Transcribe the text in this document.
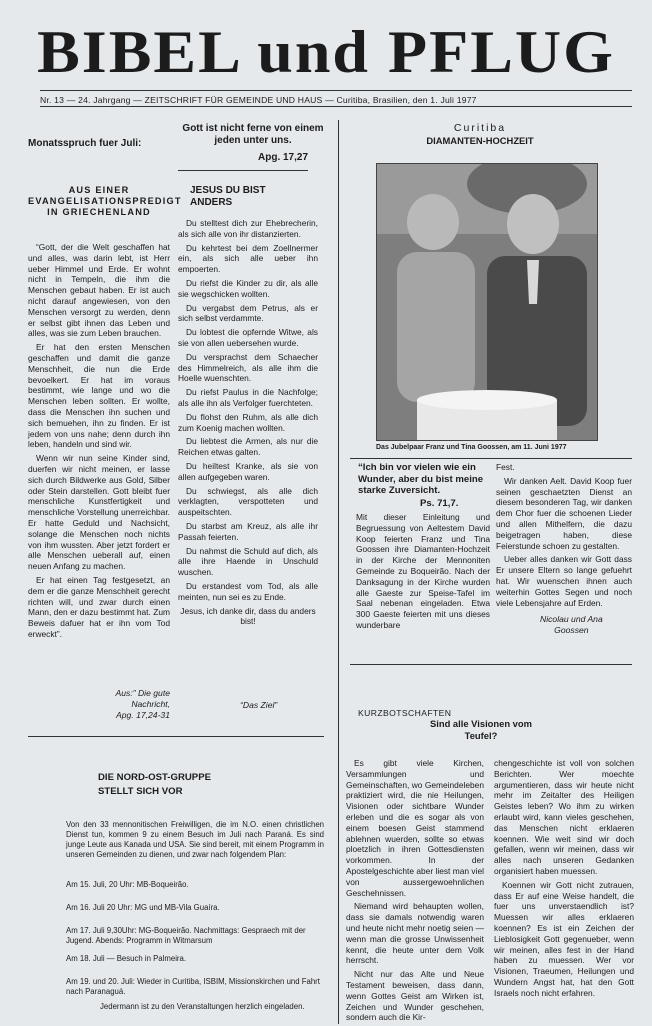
BIBEL und PFLUG
Nr. 13 — 24. Jahrgang — ZEITSCHRIFT FÜR GEMEINDE UND HAUS — Curitiba, Brasilien, den 1. Juli 1977
Monatsspruch fuer Juli:
Gott ist nicht ferne von einem jeden unter uns.
Apg. 17,27
AUS EINER EVANGELISATIONSPREDIGT IN GRIECHENLAND

“Gott, der die Welt geschaffen hat und alles, was darin lebt, ist Herr ueber Himmel und Erde. Er wohnt nicht in Tempeln, die ihm die Menschen gebaut haben. Er ist auch nicht darauf angewiesen, von den Menschen versorgt zu werden, denn er selbst gibt ihnen das Leben und alles, was sie zum Leben brauchen.

Er hat den ersten Menschen geschaffen und damit die ganze Menschheit, die nun die Erde bevoelkert. Er hat im voraus bestimmt, wie lange und wo die Menschen leben sollten. Er wollte, dass die Menschen ihn suchen und sich bemuehen, ihn zu finden. Er ist jedem von uns nahe; denn durch ihn leben, handeln und sind wir.

Wenn wir nun seine Kinder sind, duerfen wir nicht meinen, er lasse sich durch Bildwerke aus Gold, Silber oder Stein darstellen. Gott bleibt fuer menschliche Kunstfertigkeit und menschliche Vorstellung unerreichbar. Er hatte Geduld und Nachsicht, solange die Menschen noch nichts von ihm wussten. Aber jetzt fordert er alle Menschen ueberall auf, einen neuen Anfang zu machen.

Er hat einen Tag festgesetzt, an dem er die ganze Menschheit gerecht richten will, und zwar durch einen Mann, den er dazu bestimmt hat. Zum Beweis dafuer hat er ihn vom Tod erweckt”.

Aus:” Die gute Nachricht,
Apg. 17,24-31
JESUS DU BIST ANDERS

Du stelltest dich zur Ehebrecherin, als sich alle von ihr distanzierten.

Du kehrtest bei dem Zoellnermer ein, als sich alle ueber ihn empoerten.

Du riefst die Kinder zu dir, als alle sie wegschicken wollten.

Du vergabst dem Petrus, als er sich selbst verdammte.

Du lobtest die opfernde Witwe, als sie von allen uebersehen wurde.

Du versprachst dem Schaecher des Himmelreich, als alle ihm die Hoelle wuenschten.

Du riefst Paulus in die Nachfolge; als alle ihn als Verfolger fuerchteten.

Du flohst den Ruhm, als alle dich zum Koenig machen wollten.

Du liebtest die Armen, als nur die Reichen etwas galten.

Du heiltest Kranke, als sie von allen aufgegeben waren.

Du schwiegst, als alle dich verklagten, verspotteten und auspeitschten.

Du starbst am Kreuz, als alle ihr Passah feierten.

Du nahmst die Schuld auf dich, als alle ihre Haende in Unschuld wuschen.

Du erstandest vom Tod, als alle meinten, nun sei es zu Ende.

Jesus, ich danke dir, dass du anders bist!

“Das Ziel”
Curitiba
DIAMANTEN-HOCHZEIT
Das Jubelpaar Franz und Tina Goossen, am 11. Juni 1977
“Ich bin vor vielen wie ein Wunder, aber du bist meine starke Zuversicht.
Ps. 71,7.
Mit dieser Einleitung und Begruessung von Aeltestem David Koop feierten Franz und Tina Goossen ihre Diamanten-Hochzeit in der Kirche der Mennoniten Gemeinde zu Boqueirão. Nach der Danksagung in der Kirche wurden alle Gaeste zur Speise-Tafel im Saal nebenan eingeladen. Etwa 300 Gaeste feierten mit uns dieses wunderbare

Fest.

Wir danken Aelt. David Koop fuer seinen geschaetzten Dienst an diesem besonderen Tag, wir danken dem Chor fuer die schoenen Lieder und allen Mithelfern, die dazu beigetragen haben, diese Feierstunde schoen zu gestalten.

Ueber alles danken wir Gott dass Er unsere Eltern so lange gefuehrt hat. Wir wuenschen ihnen auch weiterhin Gottes Segen und noch viele Lebensjahre auf Erden.

Nicolau und Ana
Goossen
KURZBOTSCHAFTEN
Sind alle Visionen vom Teufel?

Es gibt viele Kirchen, Versammlungen und Gemeinschaften, wo Gemeindeleben praktiziert wird, die nie Heilungen, Visionen oder sichtbare Wunder erleben und die es sogar als von einem boesen Geist stammend ablehnen wuerden, sollte so etwas ploetzlich in ihren Gottesdiensten vorkommen. In der Apostelgeschichte aber liest man viel von aussergewoehnlichen Geschehnissen.

Niemand wird behaupten wollen, dass sie damals notwendig waren und heute nicht mehr noetig seien — wenn man die grosse Unwissenheit kennt, die heute unter dem Volk herrscht.

Nicht nur das Alte und Neue Testament beweisen, dass dann, wenn Gottes Geist am Wirken ist, Zeichen und Wunder geschehen, sondern auch die Kir-

chengeschichte ist voll von solchen Berichten. Wer moechte argumentieren, dass wir heute nicht mehr im Zeitalter des Heiligen Geistes leben? Wo ihm zu wirken erlaubt wird, kann vieles geschehen, das Menschen nicht erklaeren koennen. Wie weit sind wir doch gefallen, wenn wir meinen, dass wir alles nach unseren Gedanken organisiert haben muessen.

Koennen wir Gott nicht zutrauen, dass Er auf eine Weise handelt, die fuer uns unverstaendlich ist? Muessen wir alles erklaeren koennen? Es ist ein Zeichen der Lieblosigkeit Gott gegenueber, wenn wir meinen, alles fest in der Hand haben zu muessen. Wer vor Visionen, Traeumen, Heilungen und Wundern Angst hat, hat den Gott Israels noch nicht erfahren.

DIE NORD-OST-GRUPPE
STELLT SICH VOR
Von den 33 mennonitischen Freiwilligen, die im N.O. einen christlichen Dienst tun, kommen 9 zu einem Besuch im Juli nach Paraná. Es sind junge Leute aus Kanada und USA. Sie sind bereit, mit einem Programm in unseren Gemeinden zu dienen, und zwar nach folgendem Plan:
Am 15. Juli, 20 Uhr: MB-Boqueirão.
Am 16. Juli 20 Uhr: MG und MB-Vila Guaíra.
Am 17. Juli 9,30Uhr: MG-Boqueirão. Nachmittags: Gespraech mit der Jugend. Abends: Programm in Witmarsum
Am 18. Juli — Besuch in Palmeira.
Am 19. und 20. Juli: Wieder in Curitiba, ISBIM, Missionskirchen und Fahrt nach Paranaguá.
Jedermann ist zu den Veranstaltungen herzlich eingeladen.
